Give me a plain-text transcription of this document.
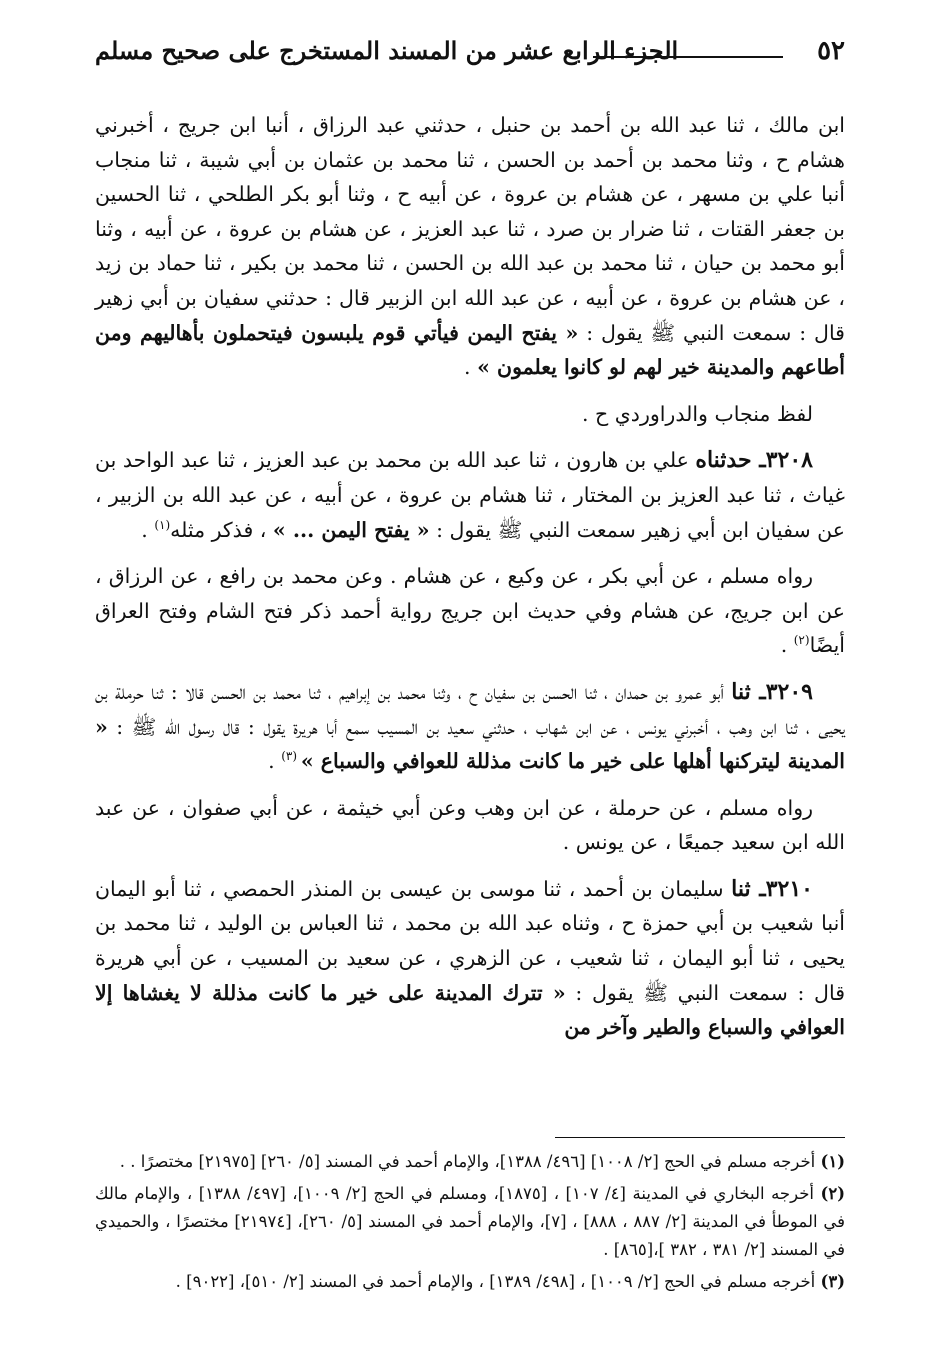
٥٢
الجزء الرابع عشر من المسند المستخرج على صحيح مسلم

ابن مالك ، ثنا عبد الله بن أحمد بن حنبل ، حدثني عبد الرزاق ، أنبا ابن جريج ، أخبرني هشام ح ، وثنا محمد بن أحمد بن الحسن ، ثنا محمد بن عثمان بن أبي شيبة ، ثنا منجاب أنبا علي بن مسهر ، عن هشام بن عروة ، عن أبيه ح ، وثنا أبو بكر الطلحي ، ثنا الحسين بن جعفر القتات ، ثنا ضرار بن صرد ، ثنا عبد العزيز ، عن هشام بن عروة ، عن أبيه ، وثنا أبو محمد بن حيان ، ثنا محمد بن عبد الله بن الحسن ، ثنا محمد بن بكير ، ثنا حماد بن زيد ، عن هشام بن عروة ، عن أبيه ، عن عبد الله ابن الزبير قال : حدثني سفيان بن أبي زهير قال : سمعت النبي ﷺ يقول : « يفتح اليمن فيأتي قوم يلبسون فيتحملون بأهاليهم ومن أطاعهم والمدينة خير لهم لو كانوا يعلمون » .

لفظ منجاب والدراوردي ح .

٣٢٠٨ـ حدثناه علي بن هارون ، ثنا عبد الله بن محمد بن عبد العزيز ، ثنا عبد الواحد بن غياث ، ثنا عبد العزيز بن المختار ، ثنا هشام بن عروة ، عن أبيه ، عن عبد الله بن الزبير ، عن سفيان ابن أبي زهير سمعت النبي ﷺ يقول : « يفتح اليمن ... » ، فذكر مثله$^{(١)}$ .

رواه مسلم ، عن أبي بكر ، عن وكيع ، عن هشام . وعن محمد بن رافع ، عن الرزاق ، عن ابن جريج، عن هشام وفي حديث ابن جريج رواية أحمد ذكر فتح الشام وفتح العراق أيضًا$^{(٢)}$ .

٣٢٠٩ـ ثنا أبو عمرو بن حمدان ، ثنا الحسن بن سفيان ح ، وثنا محمد بن إبراهيم ، ثنا محمد بن الحسن قالا : ثنا حرملة بن يحيى ، ثنا ابن وهب ، أخبرني يونس ، عن ابن شهاب ، حدثني سعيد بن المسيب سمع أبا هريرة يقول : قال رسول الله ﷺ : « المدينة ليتركنها أهلها على خير ما كانت مذللة للعوافي والسباع » $^{(٣)}$ .

رواه مسلم ، عن حرملة ، عن ابن وهب وعن أبي خيثمة ، عن أبي صفوان ، عن عبد الله ابن سعيد جميعًا ، عن يونس .

٣٢١٠ـ ثنا سليمان بن أحمد ، ثنا موسى بن عيسى بن المنذر الحمصي ، ثنا أبو اليمان أنبا شعيب بن أبي حمزة ح ، وثناه عبد الله بن محمد ، ثنا العباس بن الوليد ، ثنا محمد بن يحيى ، ثنا أبو اليمان ، ثنا شعيب ، عن الزهري ، عن سعيد بن المسيب ، عن أبي هريرة قال : سمعت النبي ﷺ يقول : « تترك المدينة على خير ما كانت مذللة لا يغشاها إلا العوافي والسباع والطير وآخر من

(١) أخرجه مسلم في الحج [٢/ ١٠٠٨] [٤٩٦/ ١٣٨٨]، والإمام أحمد في المسند [٥/ ٢٦٠] [٢١٩٧٥] مختصرًا . .

(٢) أخرجه البخاري في المدينة [٤/ ١٠٧] ، [١٨٧٥]، ومسلم في الحج [٢/ ١٠٠٩]، [٤٩٧/ ١٣٨٨] ، والإمام مالك في الموطأ في المدينة [٢/ ٨٨٧ ، ٨٨٨] ، [٧]، والإمام أحمد في المسند [٥/ ٢٦٠]، [٢١٩٧٤] مختصرًا ، والحميدي في المسند [٢/ ٣٨١ ، ٣٨٢ ]،[٨٦٥] .

(٣) أخرجه مسلم في الحج [٢/ ١٠٠٩] ، [٤٩٨/ ١٣٨٩] ، والإمام أحمد في المسند [٢/ ٥١٠]، [٩٠٢٢] .
